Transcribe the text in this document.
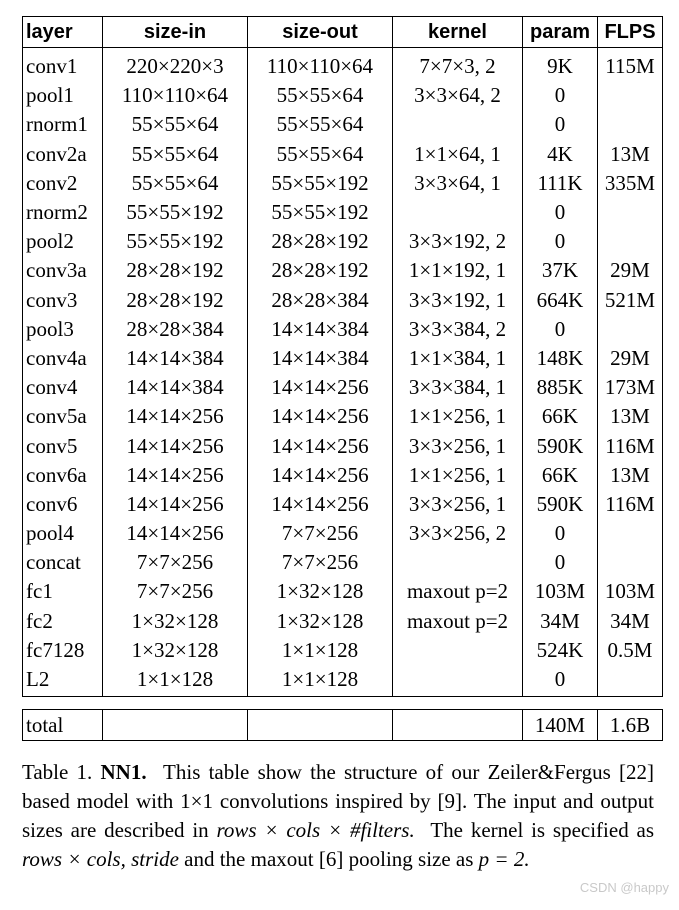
layer	size-in	size-out	kernel	param	FLPS
conv1	220×220×3	110×110×64	7×7×3, 2	9K	115M
pool1	110×110×64	55×55×64	3×3×64, 2	0	
rnorm1	55×55×64	55×55×64		0	
conv2a	55×55×64	55×55×64	1×1×64, 1	4K	13M
conv2	55×55×64	55×55×192	3×3×64, 1	111K	335M
rnorm2	55×55×192	55×55×192		0	
pool2	55×55×192	28×28×192	3×3×192, 2	0	
conv3a	28×28×192	28×28×192	1×1×192, 1	37K	29M
conv3	28×28×192	28×28×384	3×3×192, 1	664K	521M
pool3	28×28×384	14×14×384	3×3×384, 2	0	
conv4a	14×14×384	14×14×384	1×1×384, 1	148K	29M
conv4	14×14×384	14×14×256	3×3×384, 1	885K	173M
conv5a	14×14×256	14×14×256	1×1×256, 1	66K	13M
conv5	14×14×256	14×14×256	3×3×256, 1	590K	116M
conv6a	14×14×256	14×14×256	1×1×256, 1	66K	13M
conv6	14×14×256	14×14×256	3×3×256, 1	590K	116M
pool4	14×14×256	7×7×256	3×3×256, 2	0	
concat	7×7×256	7×7×256		0	
fc1	7×7×256	1×32×128	maxout p=2	103M	103M
fc2	1×32×128	1×32×128	maxout p=2	34M	34M
fc7128	1×32×128	1×1×128		524K	0.5M
L2	1×1×128	1×1×128		0	

total				140M	1.6B
Table 1. NN1. This table show the structure of our Zeiler&Fergus [22] based model with 1×1 convolutions inspired by [9]. The input and output sizes are described in rows × cols × #filters. The kernel is specified as rows × cols, stride and the maxout [6] pooling size as p = 2.
CSDN @happy
